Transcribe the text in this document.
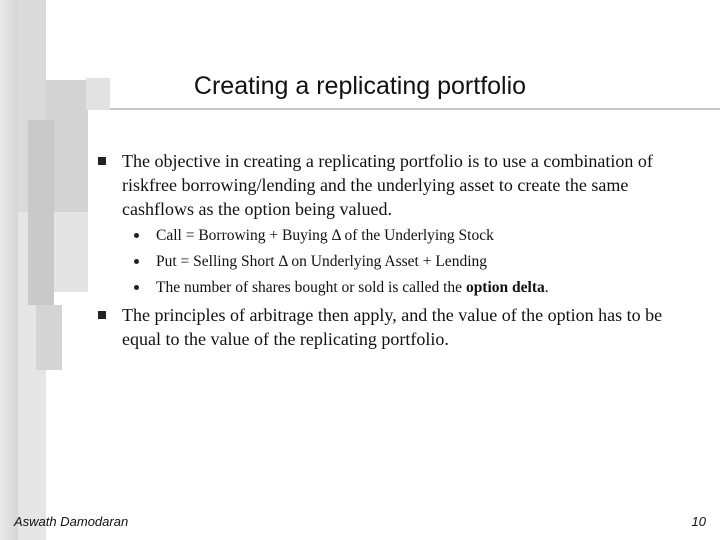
Creating a replicating portfolio
The objective in creating a replicating portfolio is to use a combination of riskfree borrowing/lending and the underlying asset to create the same cashflows as the option being valued.
Call = Borrowing + Buying Δ of the Underlying Stock
Put = Selling Short Δ on Underlying Asset + Lending
The number of shares bought or sold is called the option delta.
The principles of arbitrage then apply, and the value of the option has to be equal to the value of the replicating portfolio.
Aswath Damodaran	10
